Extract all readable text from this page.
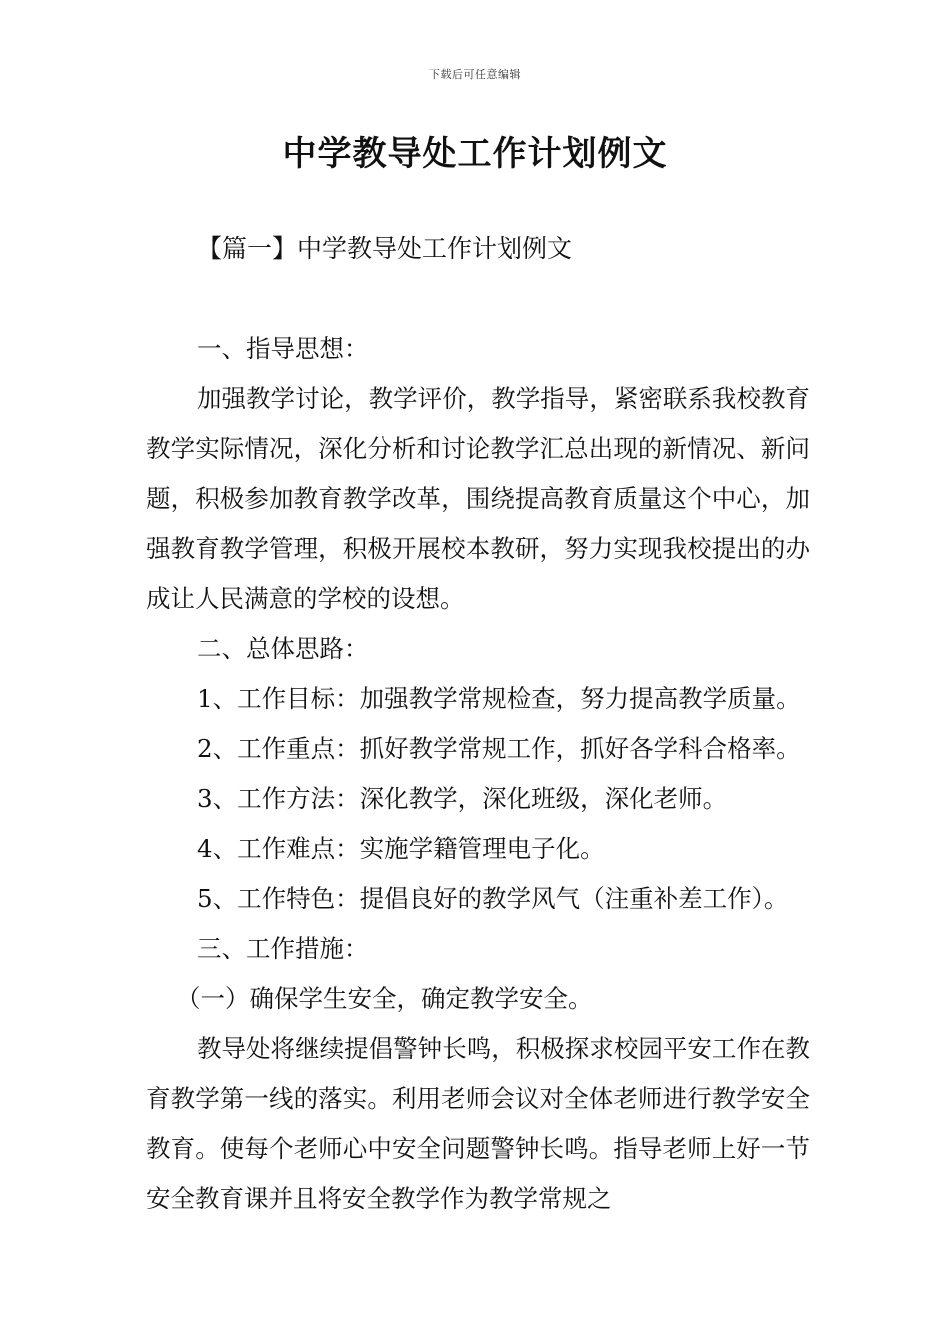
下载后可任意编辑
中学教导处工作计划例文
【篇一】中学教导处工作计划例文

一、指导思想：

加强教学讨论，教学评价，教学指导，紧密联系我校教育教学实际情况，深化分析和讨论教学汇总出现的新情况、新问题，积极参加教育教学改革，围绕提高教育质量这个中心，加强教育教学管理，积极开展校本教研，努力实现我校提出的办成让人民满意的学校的设想。

二、总体思路：

1、工作目标：加强教学常规检查，努力提高教学质量。

2、工作重点：抓好教学常规工作，抓好各学科合格率。

3、工作方法：深化教学，深化班级，深化老师。

4、工作难点：实施学籍管理电子化。

5、工作特色：提倡良好的教学风气（注重补差工作）。

三、工作措施：

（一）确保学生安全，确定教学安全。

教导处将继续提倡警钟长鸣，积极探求校园平安工作在教育教学第一线的落实。利用老师会议对全体老师进行教学安全教育。使每个老师心中安全问题警钟长鸣。指导老师上好一节安全教育课并且将安全教学作为教学常规之
